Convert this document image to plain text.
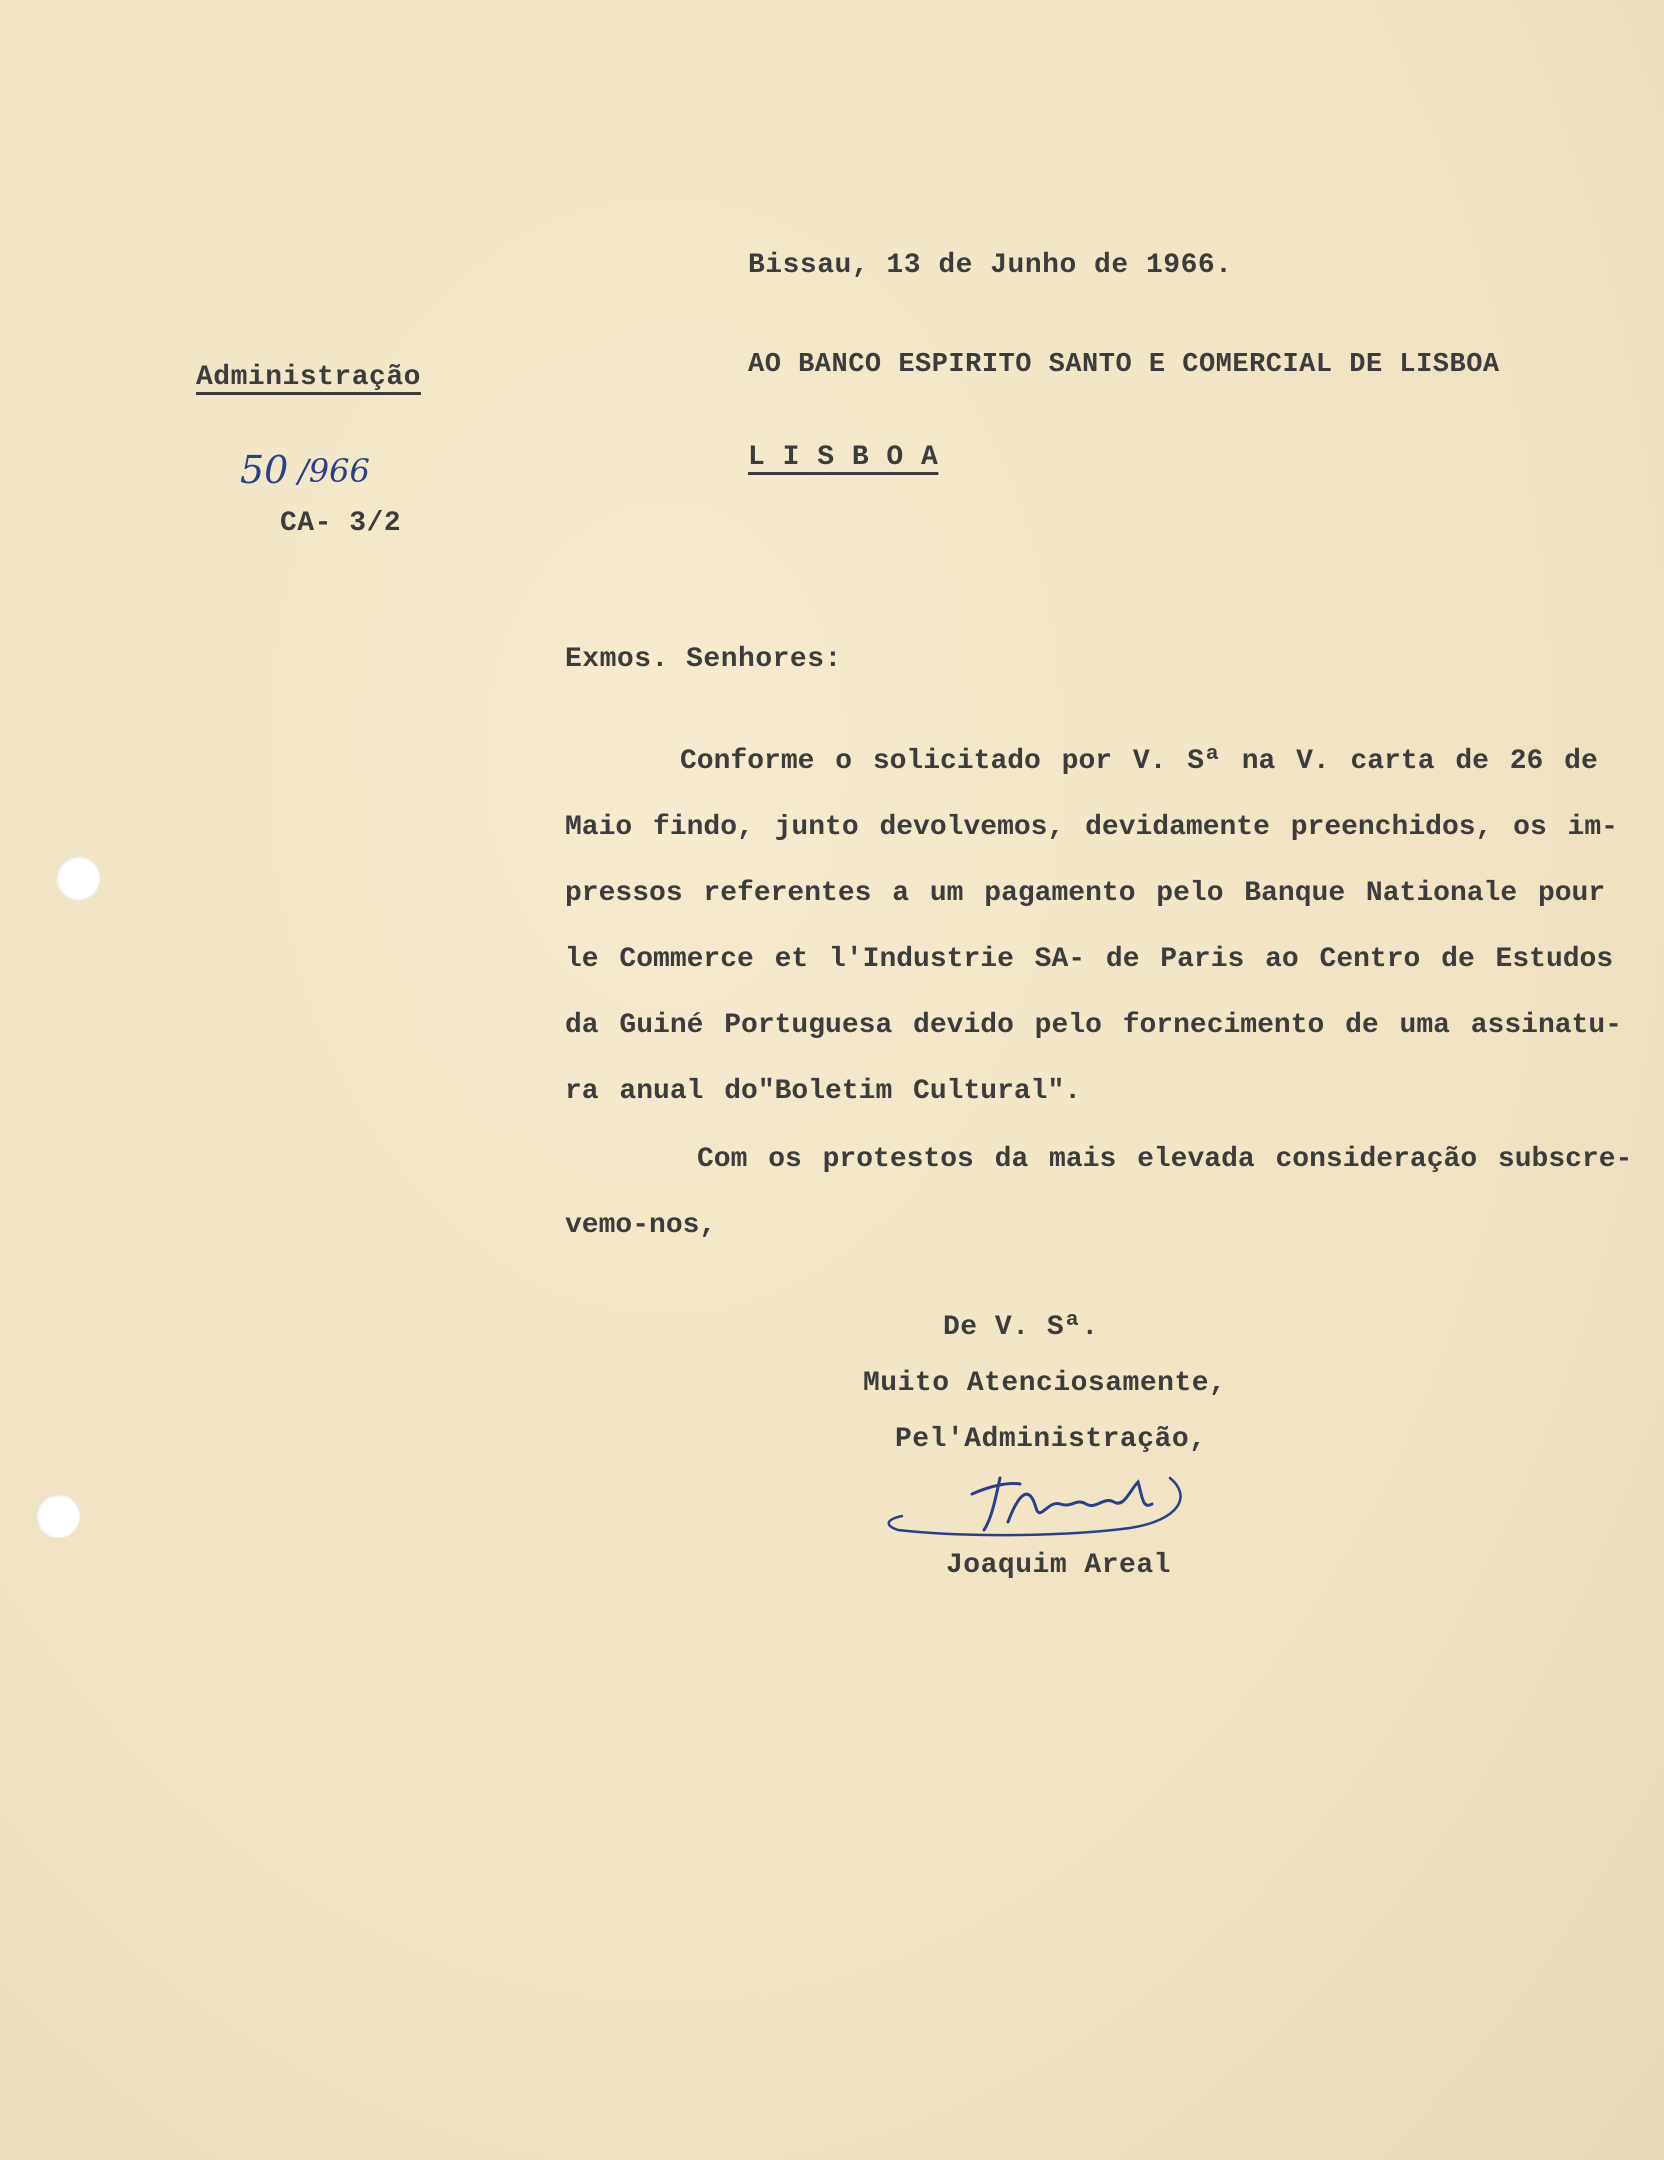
Bissau, 13 de Junho de 1966.
AO BANCO ESPIRITO SANTO E COMERCIAL DE LISBOA
L I S B O A
Administração
50 /966
CA- 3/2
Exmos. Senhores:
Conforme o solicitado por V. Sª na V. carta de 26 de
Maio findo, junto devolvemos, devidamente preenchidos, os im-
pressos referentes a um pagamento pelo Banque Nationale pour
le Commerce et l'Industrie SA- de Paris ao Centro de Estudos
da Guiné Portuguesa devido pelo fornecimento de uma assinatu-
ra anual do"Boletim Cultural".
Com os protestos da mais elevada consideração subscre-
vemo-nos,
De V. Sª.
Muito Atenciosamente,
Pel'Administração,
Joaquim Areal
